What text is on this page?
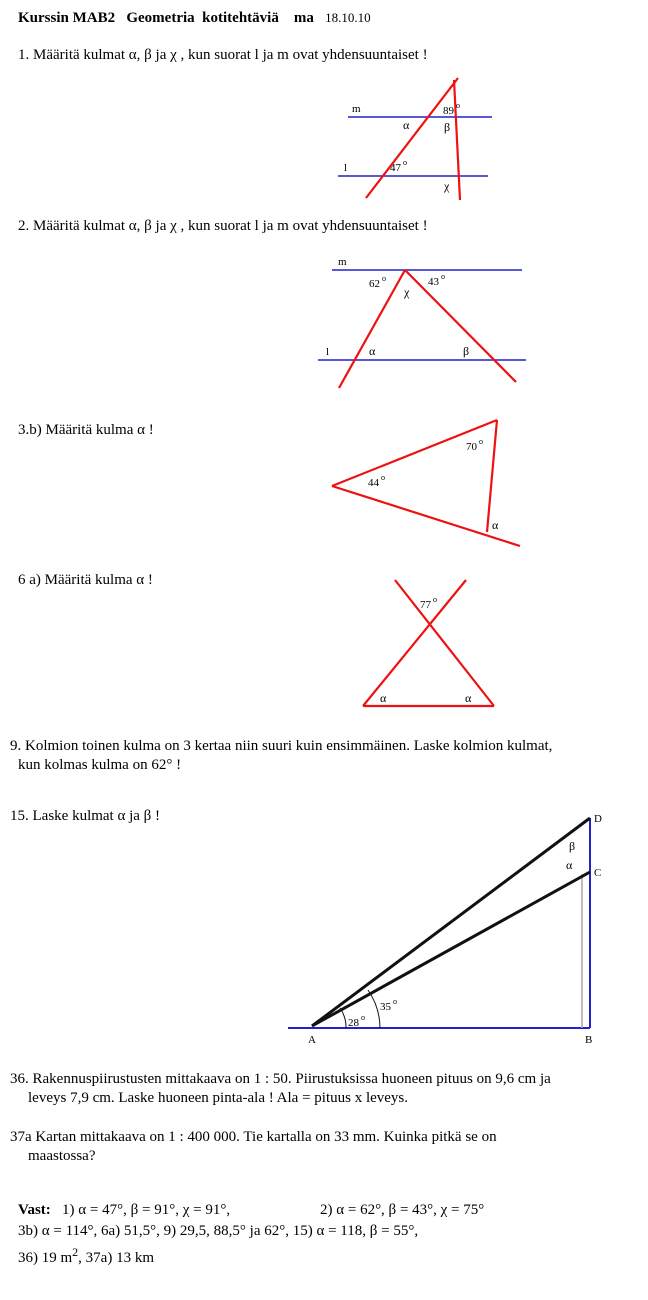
Kurssin MAB2 Geometria kotitehtäviä ma 18.10.10
1. Määritä kulmat α, β ja χ , kun suorat l ja m ovat yhdensuuntaiset !
m
l
89 o
α	β
47 o
χ
m
l
62 o	43 o
χ
α	β
70 o
44 o
α
77 o
α	α
D
C
A	B
β
α
35 o
28 o
2. Määritä kulmat α, β ja χ , kun suorat l ja m ovat yhdensuuntaiset !
3.b) Määritä kulma α !
6 a) Määritä kulma α !
9. Kolmion toinen kulma on 3 kertaa niin suuri kuin ensimmäinen. Laske kolmion kulmat,
kun kolmas kulma on 62° !
15. Laske kulmat α ja β !
36. Rakennuspiirustusten mittakaava on 1 : 50. Piirustuksissa huoneen pituus on 9,6 cm ja
leveys 7,9 cm. Laske huoneen pinta-ala ! Ala = pituus x leveys.
37a Kartan mittakaava on 1 : 400 000. Tie kartalla on 33 mm. Kuinka pitkä se on
maastossa?
Vast: 1) α = 47°, β = 91°, χ = 91°,	2) α = 62°, β = 43°, χ = 75°
3b) α = 114°, 6a) 51,5°, 9) 29,5, 88,5° ja 62°, 15) α = 118, β = 55°,
36) 19 $m^2$, 37a) 13 km
